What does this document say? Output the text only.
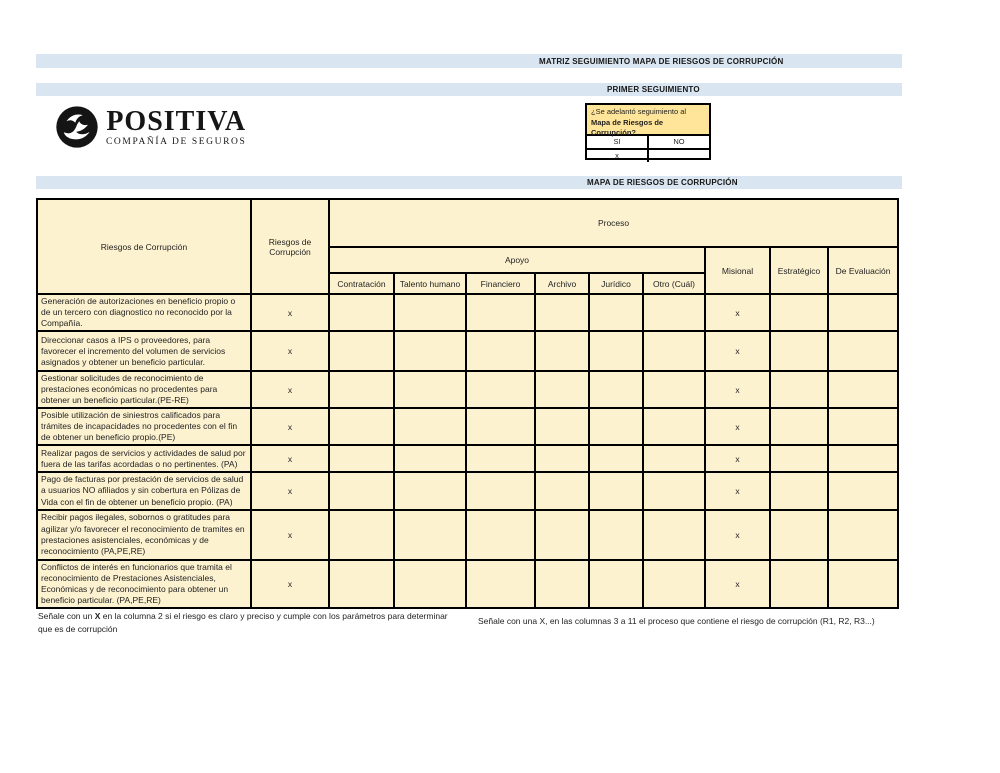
MATRIZ SEGUIMIENTO MAPA DE RIESGOS DE CORRUPCIÓN
PRIMER SEGUIMIENTO
POSITIVA
COMPAÑÍA DE SEGUROS
¿Se adelantó seguimiento al Mapa de Riesgos de Corrupción?
SI	NO
x
MAPA DE RIESGOS DE CORRUPCIÓN
Riesgos de Corrupción	Riesgos de Corrupción	Proceso								
		Apoyo						Misional	Estratégico	De Evaluación
		Contratación	Talento humano	Financiero	Archivo	Jurídico	Otro (Cuál)			
Generación de autorizaciones en beneficio propio o de un tercero con diagnostico no reconocido por la Compañía.	x							x		
Direccionar casos a IPS o proveedores, para favorecer el incremento del volumen de servicios asignados y obtener un beneficio particular.	x							x		
Gestionar solicitudes de reconocimiento de prestaciones económicas no procedentes para obtener un beneficio particular.(PE-RE)	x							x		
Posible utilización de siniestros calificados para trámites de incapacidades no procedentes con el fin de obtener un beneficio propio.(PE)	x							x		
Realizar pagos de servicios y actividades de salud por fuera de las tarifas acordadas o no pertinentes. (PA)	x							x		
Pago de facturas por prestación de servicios de salud a usuarios NO afiliados y sin cobertura en Pólizas de Vida con el fin de obtener un beneficio propio. (PA)	x							x		
Recibir pagos ilegales, sobornos o gratitudes para agilizar y/o favorecer el reconocimiento de tramites en prestaciones asistenciales, económicas y de reconocimiento (PA,PE,RE)	x							x		
Conflictos de interés en funcionarios que tramita el reconocimiento de Prestaciones Asistenciales, Económicas y de reconocimiento para obtener un beneficio particular. (PA,PE,RE)	x							x		
Señale con un X en la columna 2 si el riesgo es claro y preciso y cumple con los parámetros para determinar
que es de corrupción
Señale con una X, en las columnas 3 a 11 el proceso que contiene el riesgo de corrupción (R1, R2, R3...)
